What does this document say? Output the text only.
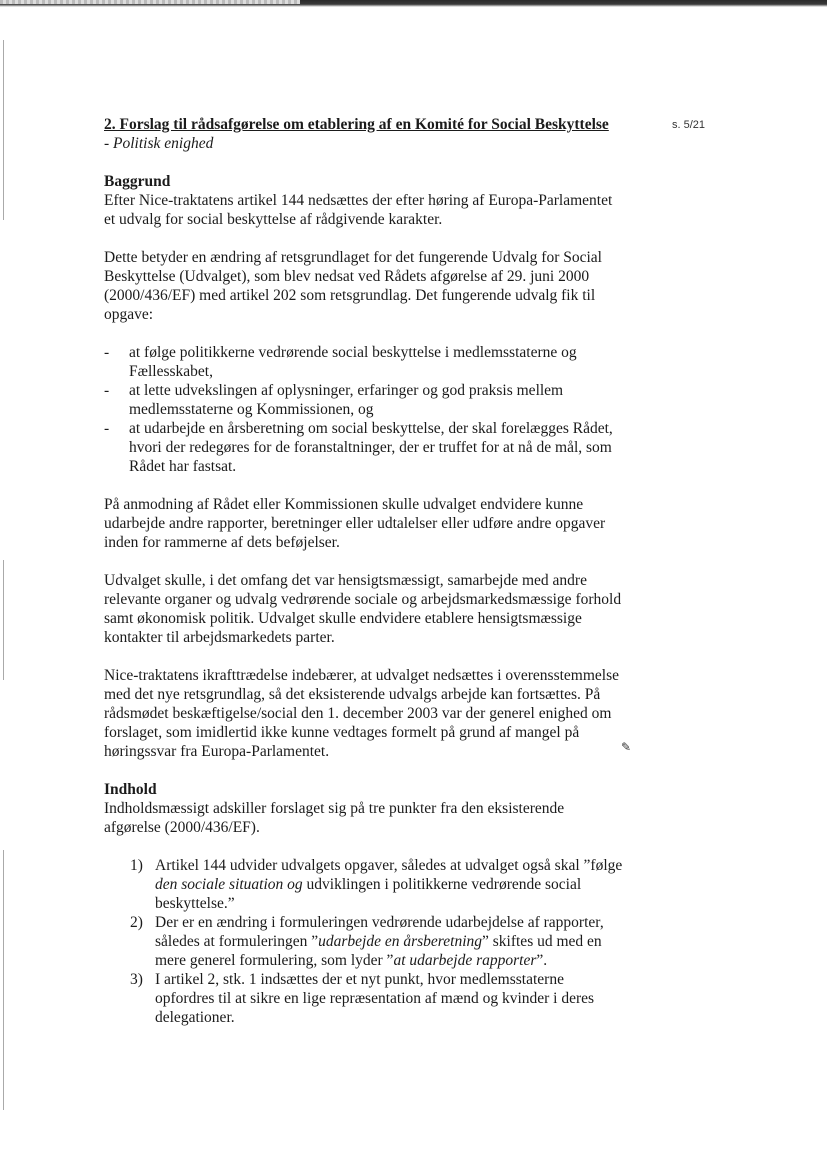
s. 5/21
✎
2. Forslag til rådsafgørelse om etablering af en Komité for Social Beskyttelse
- Politisk enighed
Baggrund

Efter Nice-traktatens artikel 144 nedsættes der efter høring af Europa-Parlamentet et udvalg for social beskyttelse af rådgivende karakter.

Dette betyder en ændring af retsgrundlaget for det fungerende Udvalg for Social Beskyttelse (Udvalget), som blev nedsat ved Rådets afgørelse af 29. juni 2000 (2000/436/EF) med artikel 202 som retsgrundlag. Det fungerende udvalg fik til opgave:

- at følge politikkerne vedrørende social beskyttelse i medlemsstaterne og Fællesskabet,
- at lette udvekslingen af oplysninger, erfaringer og god praksis mellem medlemsstaterne og Kommissionen, og
- at udarbejde en årsberetning om social beskyttelse, der skal forelægges Rådet, hvori der redegøres for de foranstaltninger, der er truffet for at nå de mål, som Rådet har fastsat.

På anmodning af Rådet eller Kommissionen skulle udvalget endvidere kunne udarbejde andre rapporter, beretninger eller udtalelser eller udføre andre opgaver inden for rammerne af dets beføjelser.

Udvalget skulle, i det omfang det var hensigtsmæssigt, samarbejde med andre relevante organer og udvalg vedrørende sociale og arbejdsmarkedsmæssige forhold samt økonomisk politik. Udvalget skulle endvidere etablere hensigtsmæssige kontakter til arbejdsmarkedets parter.

Nice-traktatens ikrafttrædelse indebærer, at udvalget nedsættes i overensstemmelse med det nye retsgrundlag, så det eksisterende udvalgs arbejde kan fortsættes. På rådsmødet beskæftigelse/social den 1. december 2003 var der generel enighed om forslaget, som imidlertid ikke kunne vedtages formelt på grund af mangel på høringssvar fra Europa-Parlamentet.

Indhold

Indholdsmæssigt adskiller forslaget sig på tre punkter fra den eksisterende afgørelse (2000/436/EF).

1) Artikel 144 udvider udvalgets opgaver, således at udvalget også skal ”følge den sociale situation og udviklingen i politikkerne vedrørende social beskyttelse.”
2) Der er en ændring i formuleringen vedrørende udarbejdelse af rapporter, således at formuleringen ”udarbejde en årsberetning” skiftes ud med en mere generel formulering, som lyder ”at udarbejde rapporter”.
3) I artikel 2, stk. 1 indsættes der et nyt punkt, hvor medlemsstaterne opfordres til at sikre en lige repræsentation af mænd og kvinder i deres delegationer.
